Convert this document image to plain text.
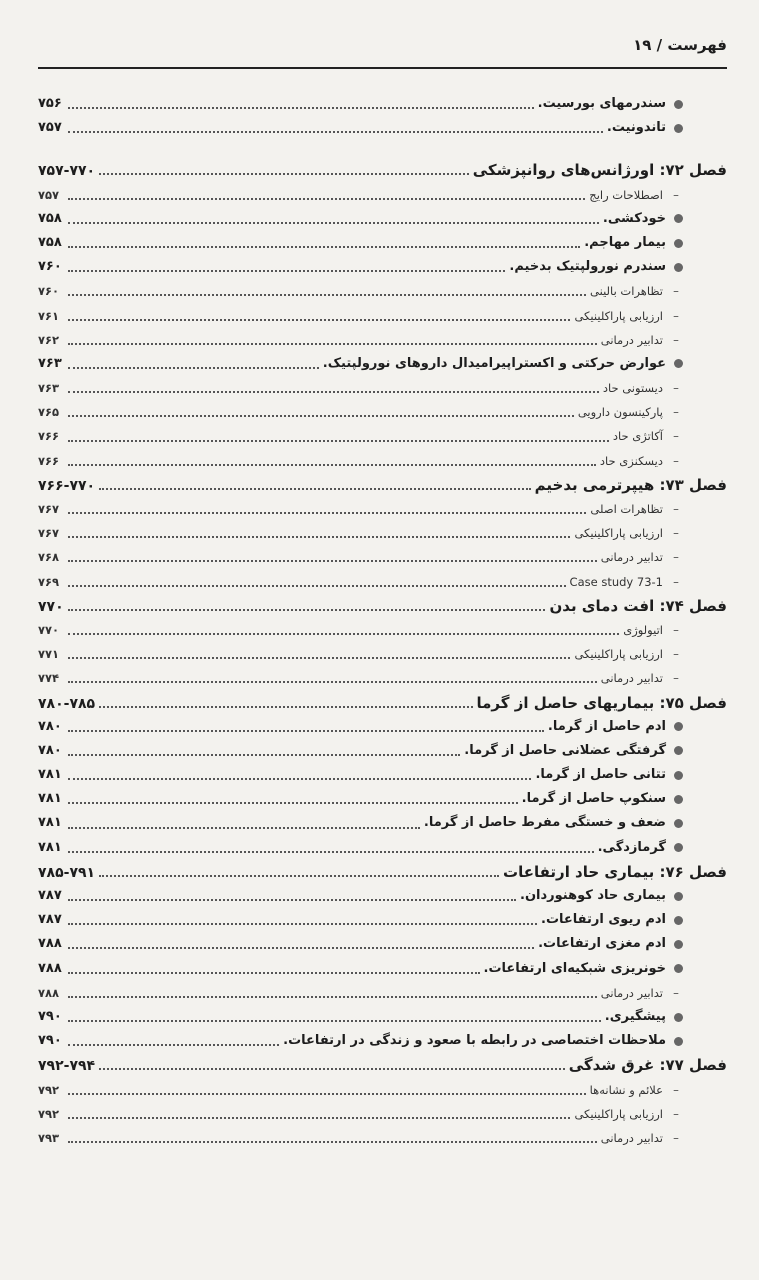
فهرست / ۱۹
سندرمهای بورسیت.
۷۵۶
تاندونیت.
۷۵۷
فصل ۷۲: اورژانس‌های روانپزشکی
۷۵۷-۷۷۰
–
اصطلاحات رایج
۷۵۷
خودکشی.
۷۵۸
بیمار مهاجم.
۷۵۸
سندرم نورولپتیک بدخیم.
۷۶۰
–
تظاهرات بالینی
۷۶۰
–
ارزیابی پاراکلینیکی
۷۶۱
–
تدابیر درمانی
۷۶۲
عوارض حرکتی و اکستراپیرامیدال داروهای نورولپتیک.
۷۶۳
–
دیستونی حاد
۷۶۳
–
پارکینسون دارویی
۷۶۵
–
آکاتژی حاد
۷۶۶
–
دیسکنزی حاد
۷۶۶
فصل ۷۳: هیپرترمی بدخیم
۷۶۶-۷۷۰
–
تظاهرات اصلی
۷۶۷
–
ارزیابی پاراکلینیکی
۷۶۷
–
تدابیر درمانی
۷۶۸
–
Case study 73-1
۷۶۹
فصل ۷۴: افت دمای بدن
۷۷۰
–
اتیولوژی
۷۷۰
–
ارزیابی پاراکلینیکی
۷۷۱
–
تدابیر درمانی
۷۷۴
فصل ۷۵: بیماریهای حاصل از گرما
۷۸۰-۷۸۵
ادم حاصل از گرما.
۷۸۰
گرفتگی عضلانی حاصل از گرما.
۷۸۰
تتانی حاصل از گرما.
۷۸۱
سنکوپ حاصل از گرما.
۷۸۱
ضعف و خستگی مفرط حاصل از گرما.
۷۸۱
گرمازدگی.
۷۸۱
فصل ۷۶: بیماری حاد ارتفاعات
۷۸۵-۷۹۱
بیماری حاد کوهنوردان.
۷۸۷
ادم ریوی ارتفاعات.
۷۸۷
ادم مغزی ارتفاعات.
۷۸۸
خونریزی شبکیه‌ای ارتفاعات.
۷۸۸
–
تدابیر درمانی
۷۸۸
پیشگیری.
۷۹۰
ملاحظات اختصاصی در رابطه با صعود و زندگی در ارتفاعات.
۷۹۰
فصل ۷۷: غرق شدگی
۷۹۲-۷۹۴
–
علائم و نشانه‌ها
۷۹۲
–
ارزیابی پاراکلینیکی
۷۹۲
–
تدابیر درمانی
۷۹۳
